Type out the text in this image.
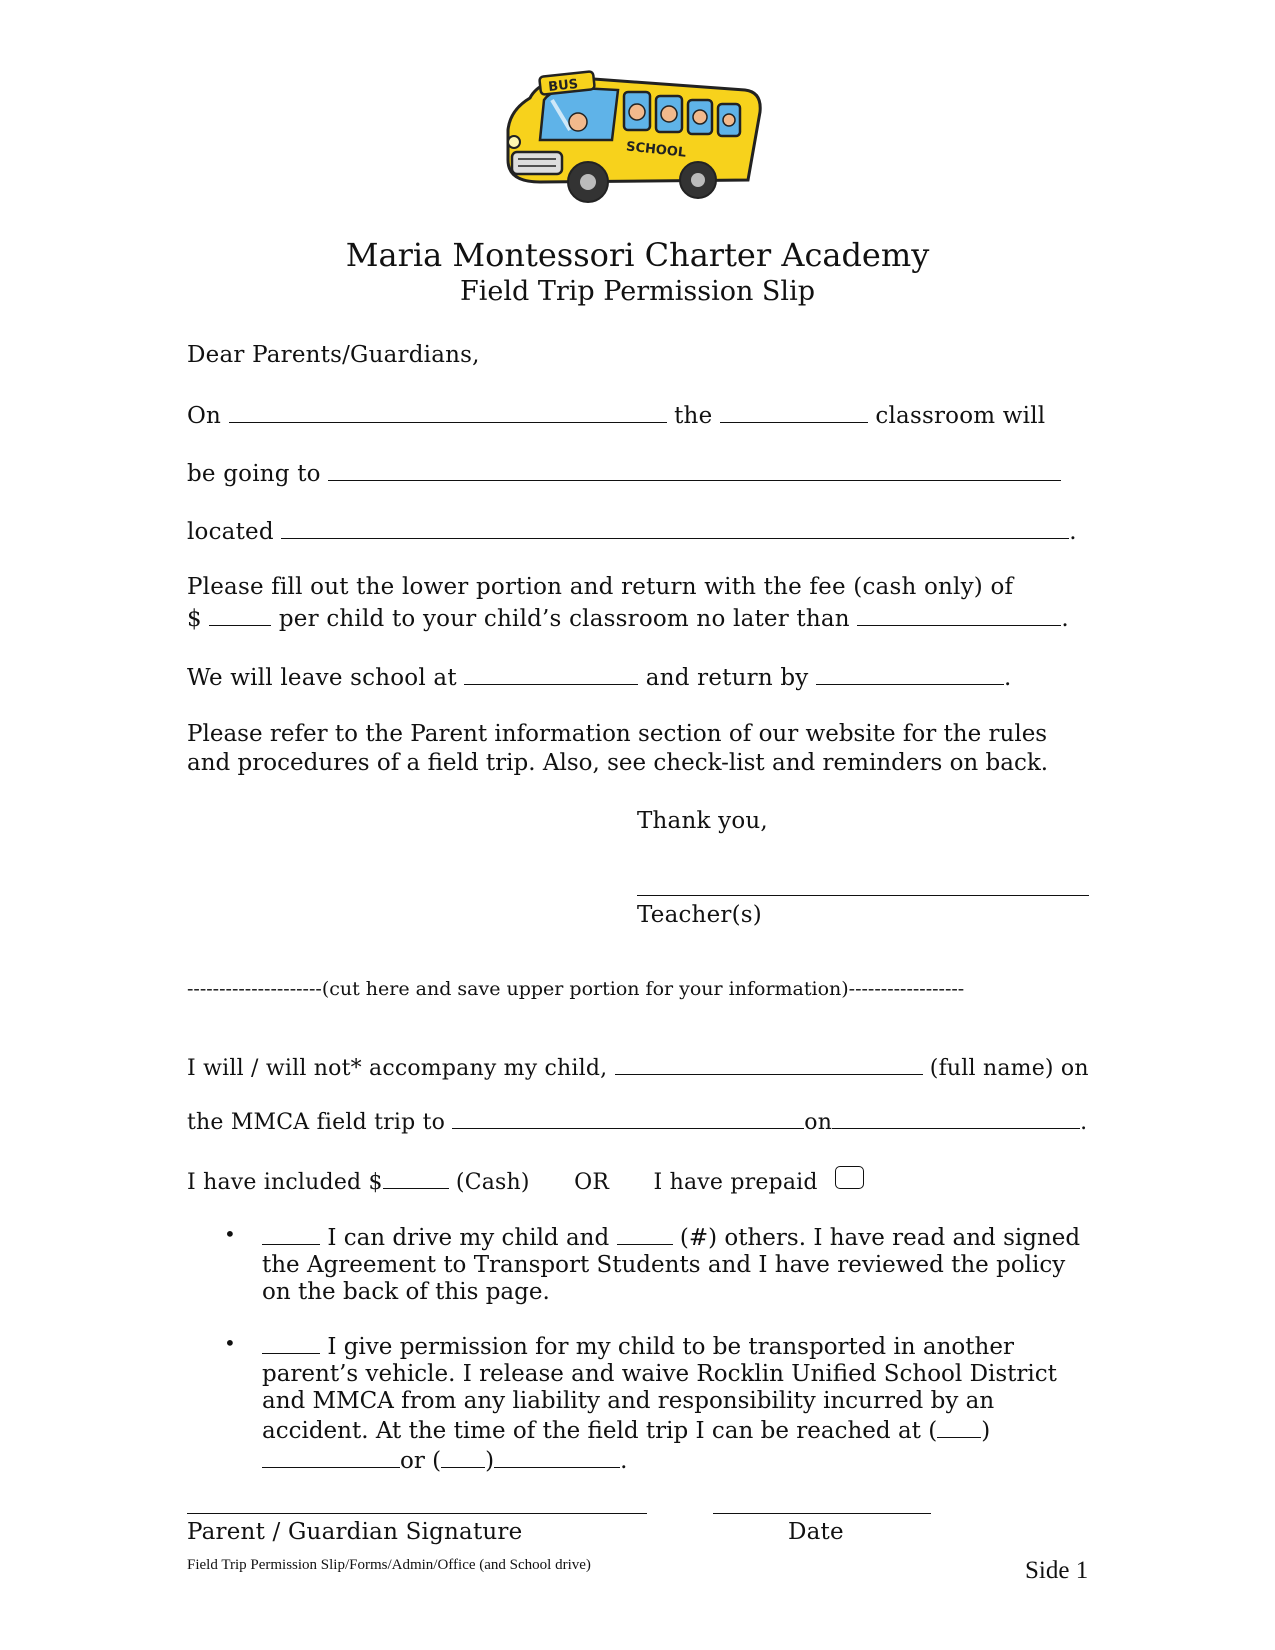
BUS
SCHOOL
Maria Montessori Charter Academy
Field Trip Permission Slip
Dear Parents/Guardians,
On	the	classroom will
be going to
located	.
Please fill out the lower portion and return with the fee (cash only) of
$	per child to your child’s classroom no later than	.
We will leave school at	and return by	.
Please refer to the Parent information section of our website for the rules and procedures of a field trip. Also, see check-list and reminders on back.
Thank you,
Teacher(s)
---------------------(cut here and save upper portion for your information)------------------
I will / will not* accompany my child,	(full name) on
the MMCA field trip to	on	.
I have included $	(Cash) OR I have prepaid
•	I can drive my child and	(#) others. I have read and signed the Agreement to Transport Students and I have reviewed the policy on the back of this page.
•	I give permission for my child to be transported in another parent’s vehicle. I release and waive Rocklin Unified School District and MMCA from any liability and responsibility incurred by an accident. At the time of the field trip I can be reached at ( )or ( )	.
Parent / Guardian Signature	Date
Field Trip Permission Slip/Forms/Admin/Office (and School drive)	Side 1
